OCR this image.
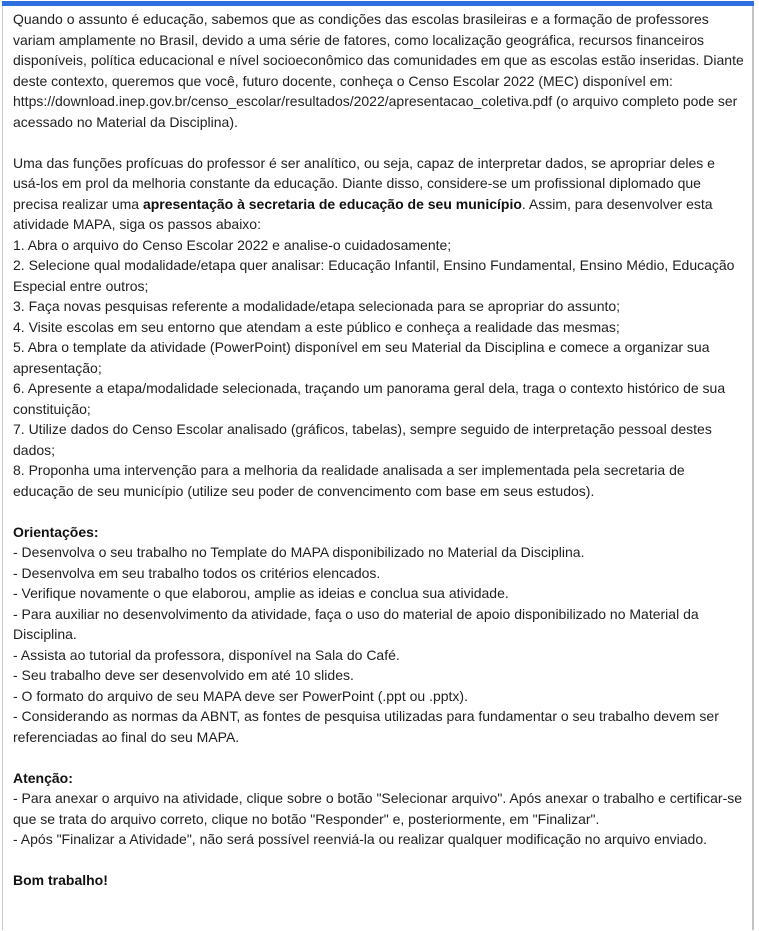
Quando o assunto é educação, sabemos que as condições das escolas brasileiras e a formação de professores variam amplamente no Brasil, devido a uma série de fatores, como localização geográfica, recursos financeiros disponíveis, política educacional e nível socioeconômico das comunidades em que as escolas estão inseridas. Diante deste contexto, queremos que você, futuro docente, conheça o Censo Escolar 2022 (MEC) disponível em: https://download.inep.gov.br/censo_escolar/resultados/2022/apresentacao_coletiva.pdf (o arquivo completo pode ser acessado no Material da Disciplina).

Uma das funções profícuas do professor é ser analítico, ou seja, capaz de interpretar dados, se apropriar deles e usá-los em prol da melhoria constante da educação. Diante disso, considere-se um profissional diplomado que precisa realizar uma apresentação à secretaria de educação de seu município. Assim, para desenvolver esta atividade MAPA, siga os passos abaixo:

1. Abra o arquivo do Censo Escolar 2022 e analise-o cuidadosamente;
2. Selecione qual modalidade/etapa quer analisar: Educação Infantil, Ensino Fundamental, Ensino Médio, Educação Especial entre outros;
3. Faça novas pesquisas referente a modalidade/etapa selecionada para se apropriar do assunto;
4. Visite escolas em seu entorno que atendam a este público e conheça a realidade das mesmas;
5. Abra o template da atividade (PowerPoint) disponível em seu Material da Disciplina e comece a organizar sua apresentação;
6. Apresente a etapa/modalidade selecionada, traçando um panorama geral dela, traga o contexto histórico de sua constituição;
7. Utilize dados do Censo Escolar analisado (gráficos, tabelas), sempre seguido de interpretação pessoal destes dados;
8. Proponha uma intervenção para a melhoria da realidade analisada a ser implementada pela secretaria de educação de seu município (utilize seu poder de convencimento com base em seus estudos).

Orientações:

- Desenvolva o seu trabalho no Template do MAPA disponibilizado no Material da Disciplina.
- Desenvolva em seu trabalho todos os critérios elencados.
- Verifique novamente o que elaborou, amplie as ideias e conclua sua atividade.
- Para auxiliar no desenvolvimento da atividade, faça o uso do material de apoio disponibilizado no Material da Disciplina.
- Assista ao tutorial da professora, disponível na Sala do Café.
- Seu trabalho deve ser desenvolvido em até 10 slides.
- O formato do arquivo de seu MAPA deve ser PowerPoint (.ppt ou .pptx).
- Considerando as normas da ABNT, as fontes de pesquisa utilizadas para fundamentar o seu trabalho devem ser referenciadas ao final do seu MAPA.

Atenção:

- Para anexar o arquivo na atividade, clique sobre o botão "Selecionar arquivo". Após anexar o trabalho e certificar-se que se trata do arquivo correto, clique no botão "Responder" e, posteriormente, em "Finalizar".
- Após "Finalizar a Atividade", não será possível reenviá-la ou realizar qualquer modificação no arquivo enviado.

Bom trabalho!
